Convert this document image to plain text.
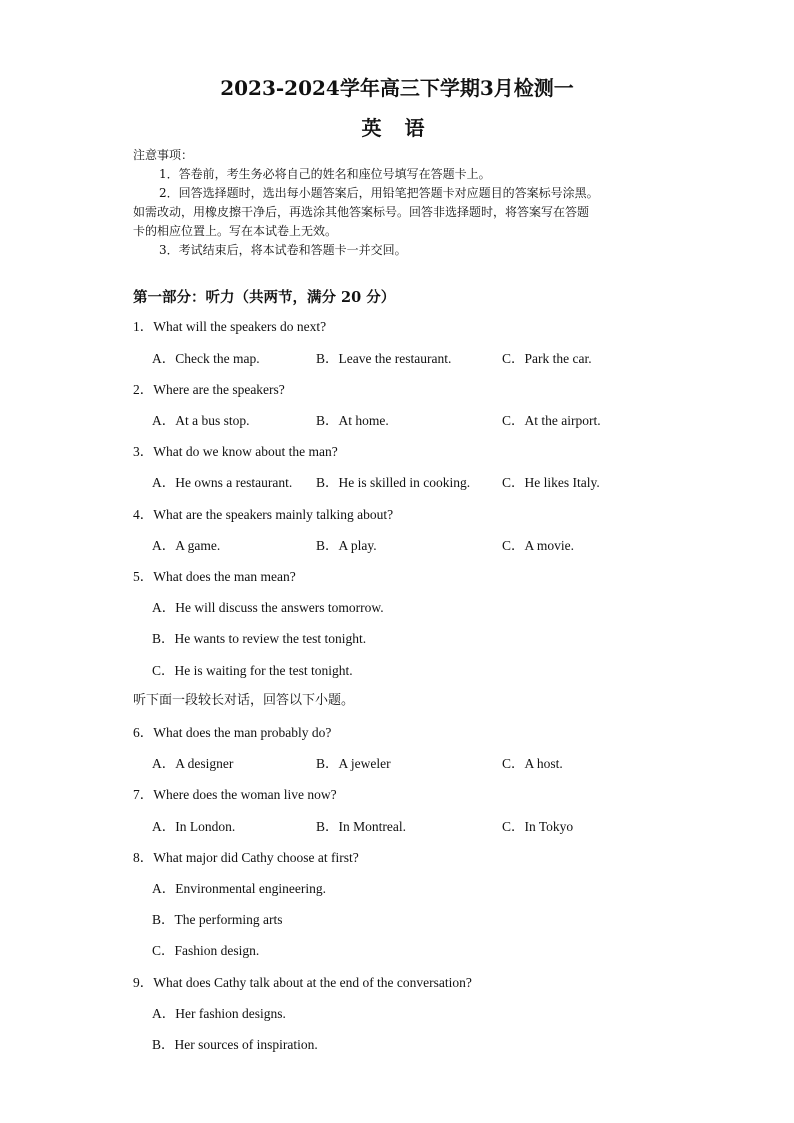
2023-2024学年高三下学期3月检测一
英 语

注意事项：

1．答卷前，考生务必将自己的姓名和座位号填写在答题卡上。

2．回答选择题时，选出每小题答案后，用铅笔把答题卡对应题目的答案标号涂黑。

如需改动，用橡皮擦干净后，再选涂其他答案标号。回答非选择题时，将答案写在答题

卡的相应位置上。写在本试卷上无效。

3．考试结束后，将本试卷和答题卡一并交回。

第一部分：听力（共两节，满分 20 分）
1．What will the speakers do next?
A．Check the map.	B．Leave the restaurant.	C．Park the car.
2．Where are the speakers?
A．At a bus stop.	B．At home.	C．At the airport.
3．What do we know about the man?
A．He owns a restaurant. B．He is skilled in cooking. C．He likes Italy.
4．What are the speakers mainly talking about?
A．A game.	B．A play.	C．A movie.
5．What does the man mean?
A．He will discuss the answers tomorrow.
B．He wants to review the test tonight.
C．He is waiting for the test tonight.
听下面一段较长对话，回答以下小题。
6．What does the man probably do?
A．A designer	B．A jeweler	C．A host.
7．Where does the woman live now?
A．In London.	B．In Montreal.	C．In Tokyo
8．What major did Cathy choose at first?
A．Environmental engineering.
B．The performing arts
C．Fashion design.
9．What does Cathy talk about at the end of the conversation?
A．Her fashion designs.
B．Her sources of inspiration.
